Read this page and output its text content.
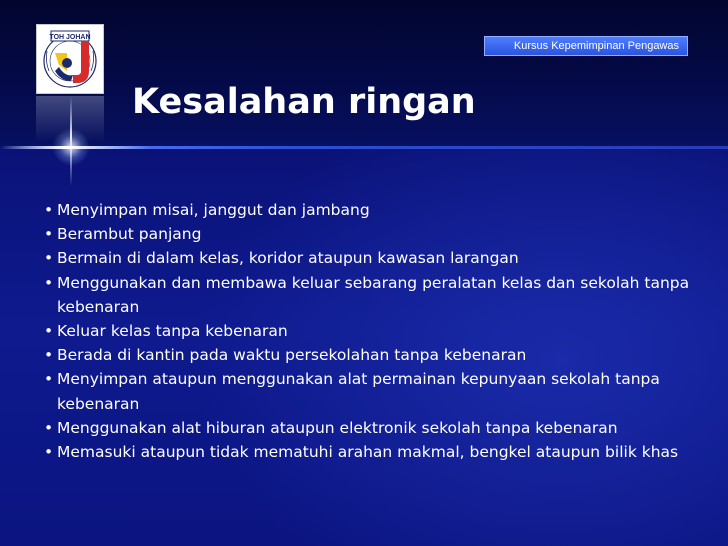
TOH JOHAN
Kursus Kepemimpinan Pengawas
Kesalahan ringan
• Menyimpan misai, janggut dan jambang
• Berambut panjang
• Bermain di dalam kelas, koridor ataupun kawasan larangan
• Menggunakan dan membawa keluar sebarang peralatan kelas dan sekolah tanpa kebenaran
• Keluar kelas tanpa kebenaran
• Berada di kantin pada waktu persekolahan tanpa kebenaran
• Menyimpan ataupun menggunakan alat permainan kepunyaan sekolah tanpa kebenaran
• Menggunakan alat hiburan ataupun elektronik sekolah tanpa kebenaran
• Memasuki ataupun tidak mematuhi arahan makmal, bengkel ataupun bilik khas
